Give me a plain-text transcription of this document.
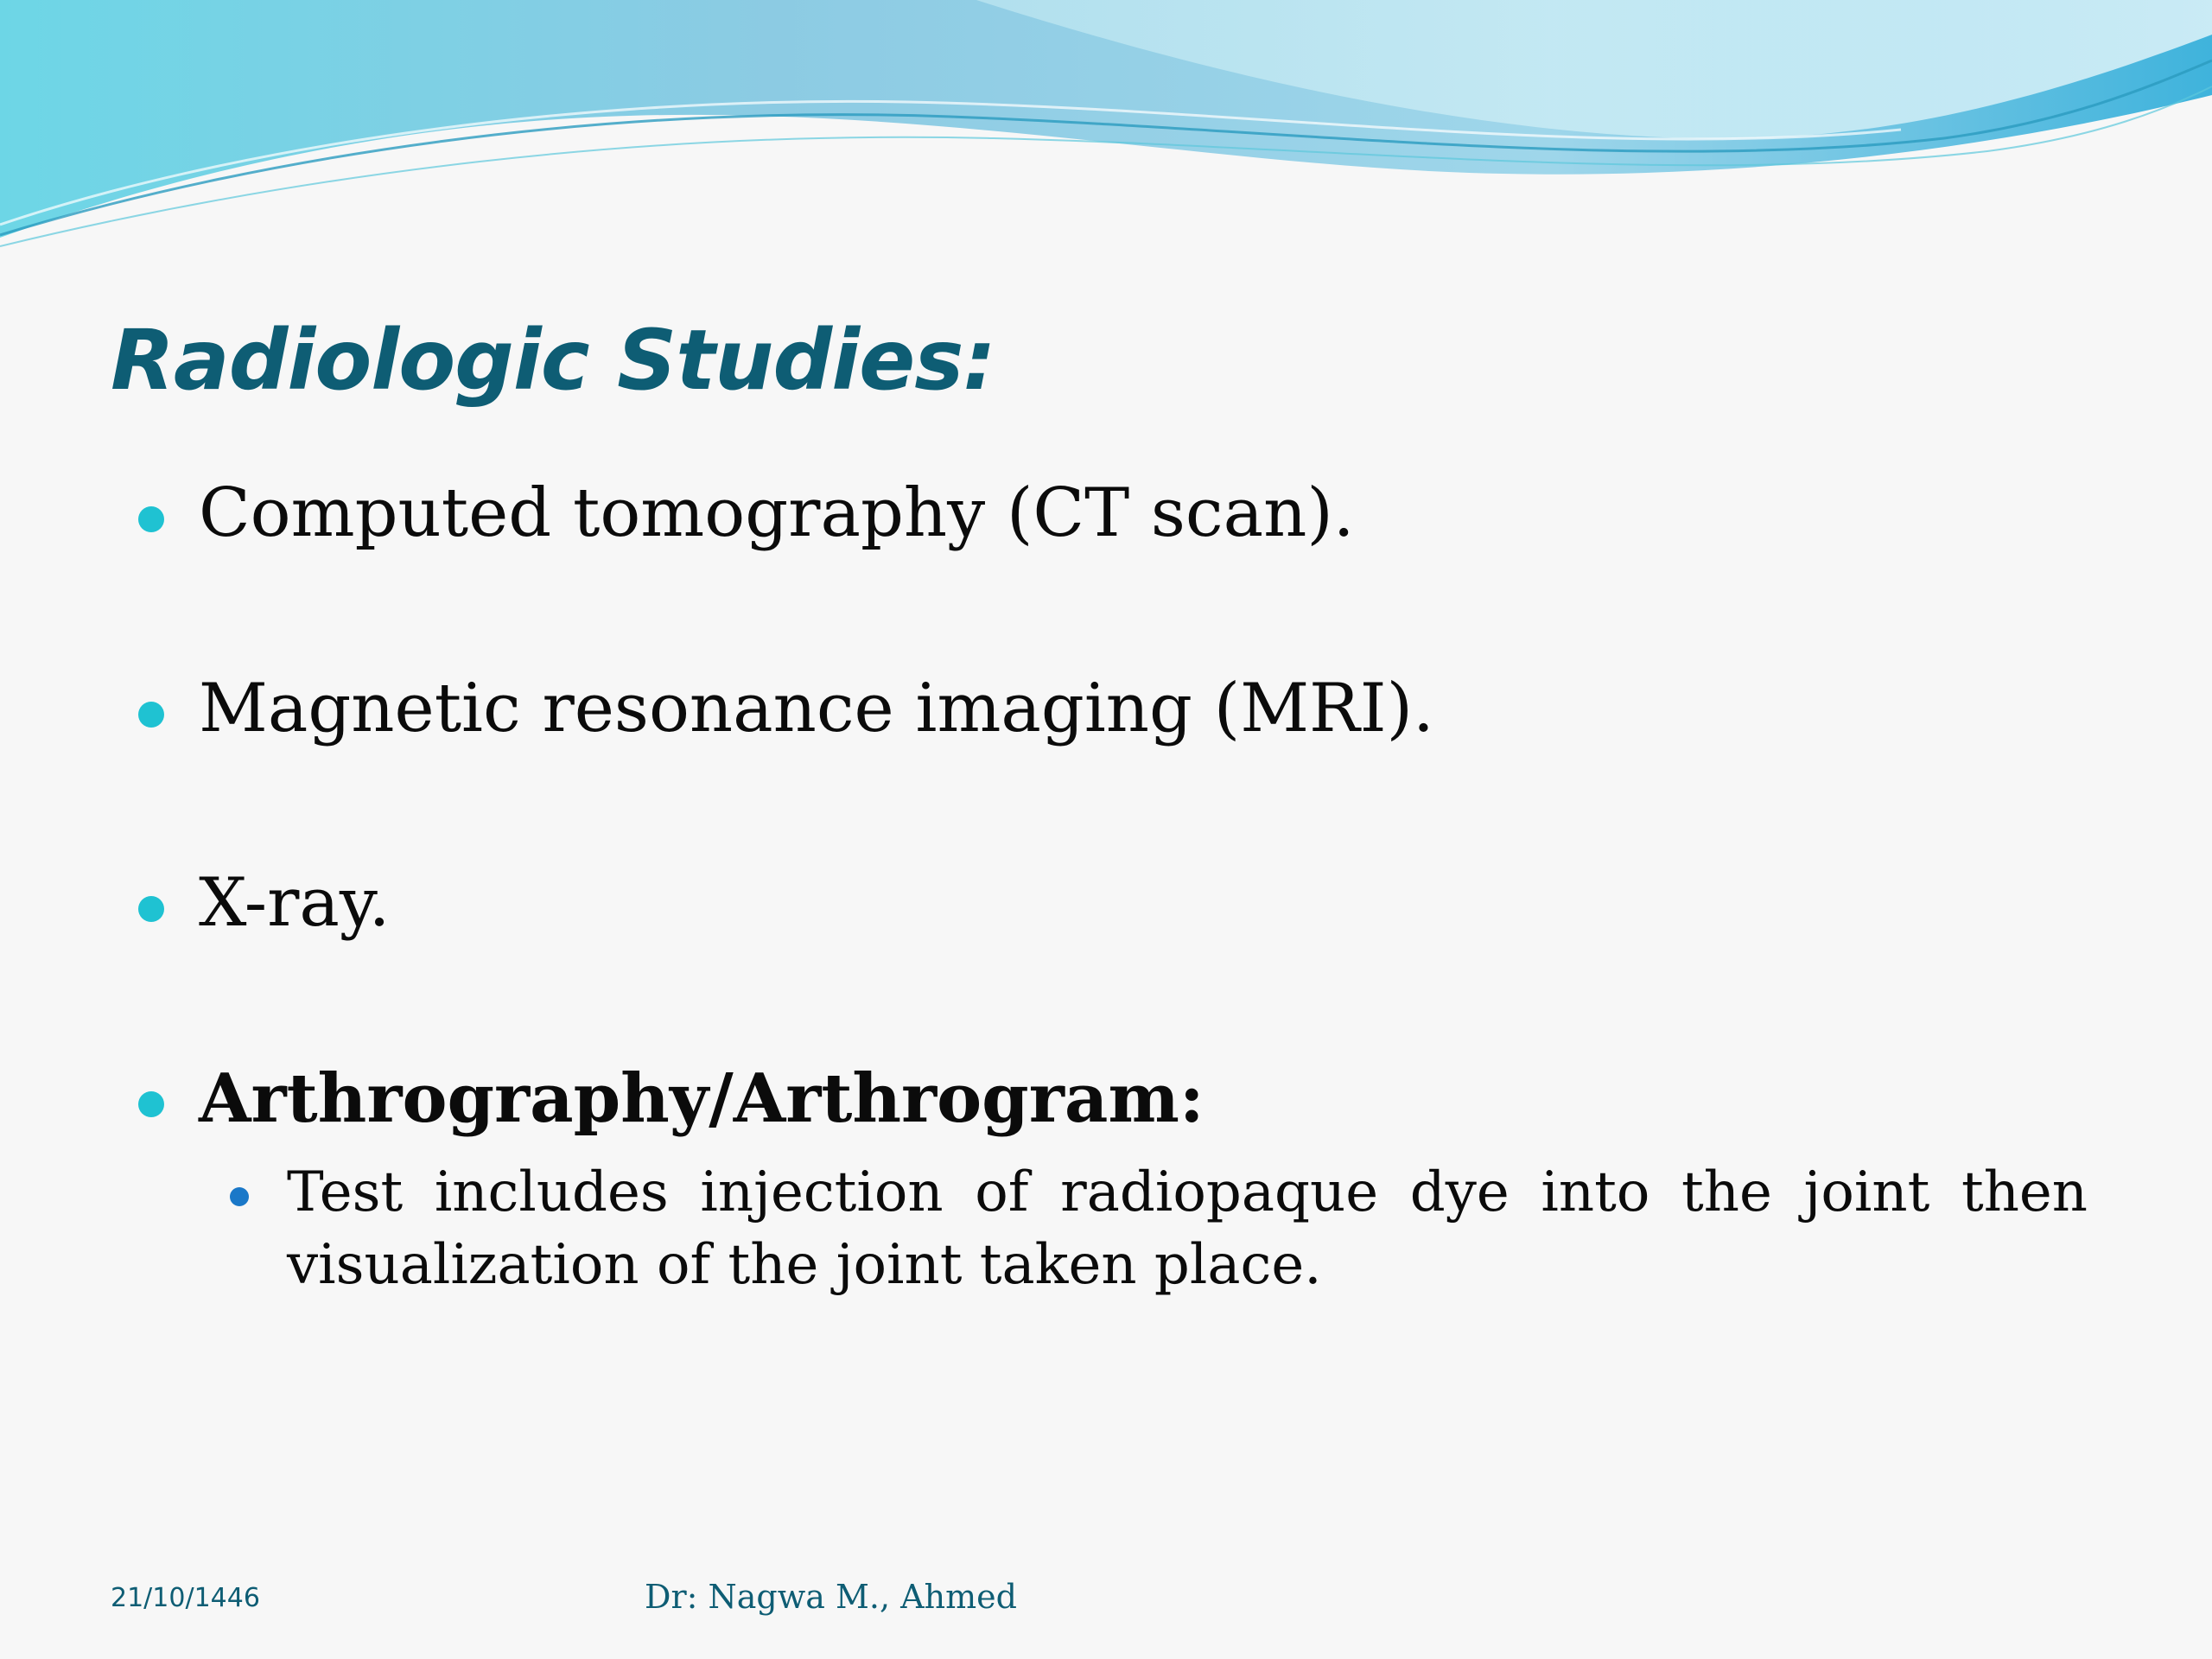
Radiologic Studies:
Computed tomography (CT scan).
Magnetic resonance imaging (MRI).
X-ray.
Arthrography/Arthrogram:
Test includes injection of radiopaque dye into the joint then visualization of the joint taken place.
21/10/1446	Dr: Nagwa M., Ahmed
